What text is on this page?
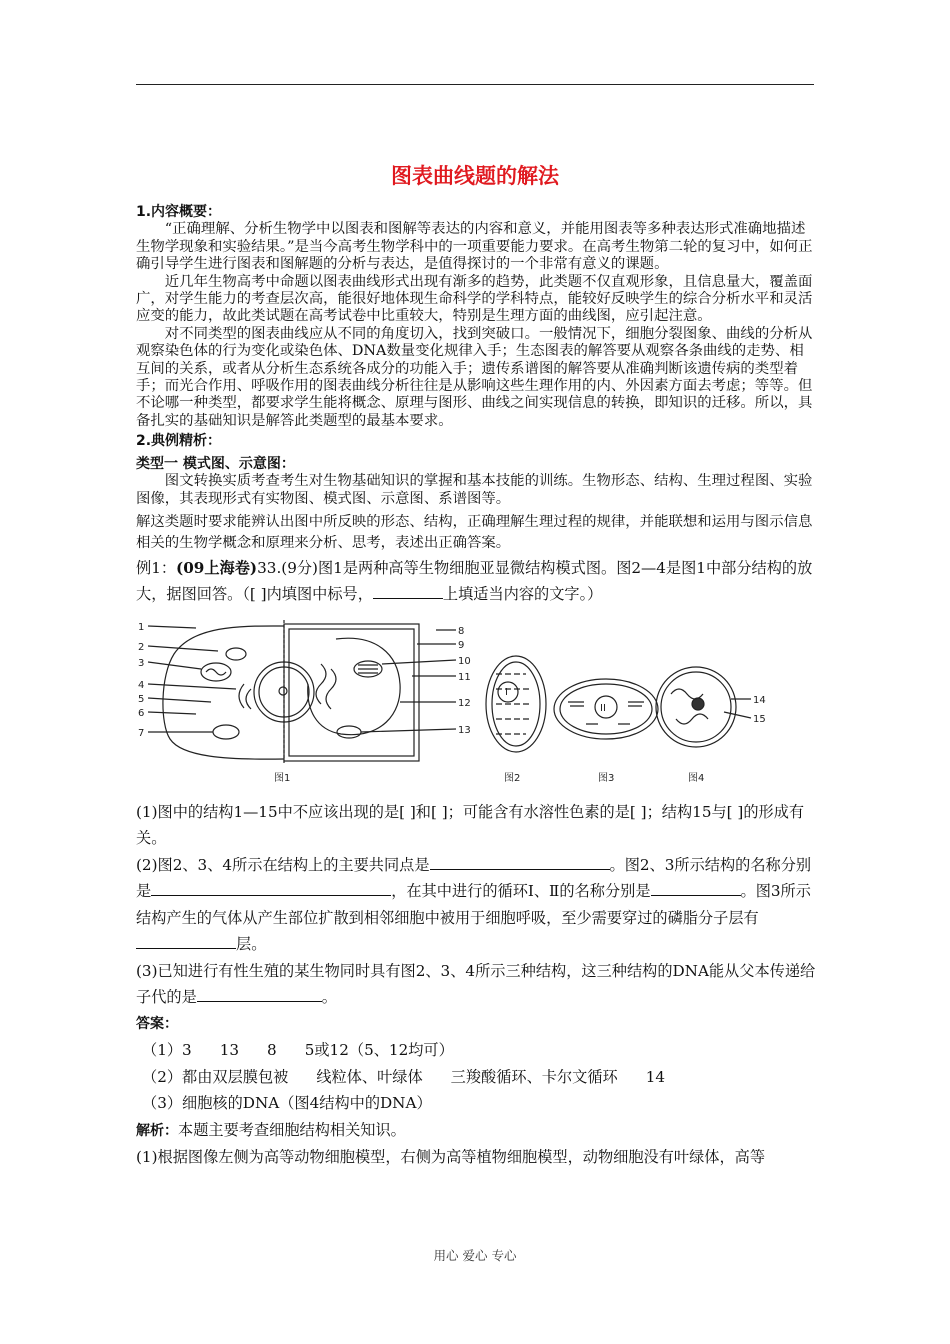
图表曲线题的解法
1.内容概要：
“正确理解、分析生物学中以图表和图解等表达的内容和意义，并能用图表等多种表达形式准确地描述生物学现象和实验结果。”是当今高考生物学科中的一项重要能力要求。在高考生物第二轮的复习中，如何正确引导学生进行图表和图解题的分析与表达，是值得探讨的一个非常有意义的课题。
近几年生物高考中命题以图表曲线形式出现有渐多的趋势，此类题不仅直观形象，且信息量大，覆盖面广，对学生能力的考查层次高，能很好地体现生命科学的学科特点，能较好反映学生的综合分析水平和灵活应变的能力，故此类试题在高考试卷中比重较大，特别是生理方面的曲线图，应引起注意。
对不同类型的图表曲线应从不同的角度切入，找到突破口。一般情况下，细胞分裂图象、曲线的分析从观察染色体的行为变化或染色体、DNA数量变化规律入手；生态图表的解答要从观察各条曲线的走势、相互间的关系，或者从分析生态系统各成分的功能入手；遗传系谱图的解答要从准确判断该遗传病的类型着手；而光合作用、呼吸作用的图表曲线分析往往是从影响这些生理作用的内、外因素方面去考虑；等等。但不论哪一种类型，都要求学生能将概念、原理与图形、曲线之间实现信息的转换，即知识的迁移。所以，具备扎实的基础知识是解答此类题型的最基本要求。
2.典例精析：
类型一 模式图、示意图：
图文转换实质考查考生对生物基础知识的掌握和基本技能的训练。生物形态、结构、生理过程图、实验图像，其表现形式有实物图、模式图、示意图、系谱图等。
解这类题时要求能辨认出图中所反映的形态、结构，正确理解生理过程的规律，并能联想和运用与图示信息相关的生物学概念和原理来分析、思考，表述出正确答案。
例1：(09上海卷)33.(9分)图1是两种高等生物细胞亚显微结构模式图。图2—4是图1中部分结构的放大，据图回答。（[ ]内填图中标号，	上填适当内容的文字。）
1
2
3
4
5
6
7
8
9
10
11
12
13
14
15
I
II
图1	图2	图3	图4
(1)图中的结构1—15中不应该出现的是[ ]和[ ]；可能含有水溶性色素的是[ ]；结构15与[ ]的形成有关。
(2)图2、3、4所示在结构上的主要共同点是	。图2、3所示结构的名称分别是	，在其中进行的循环Ⅰ、Ⅱ的名称分别是	。图3所示结构产生的气体从产生部位扩散到相邻细胞中被用于细胞呼吸，至少需要穿过的磷脂分子层有层。
(3)已知进行有性生殖的某生物同时具有图2、3、4所示三种结构，这三种结构的DNA能从父本传递给子代的是	。
答案：
（1）3 13 8 5或12（5、12均可）
（2）都由双层膜包被 线粒体、叶绿体 三羧酸循环、卡尔文循环 14
（3）细胞核的DNA（图4结构中的DNA）
解析：本题主要考查细胞结构相关知识。
(1)根据图像左侧为高等动物细胞模型，右侧为高等植物细胞模型，动物细胞没有叶绿体，高等
用心 爱心 专心
